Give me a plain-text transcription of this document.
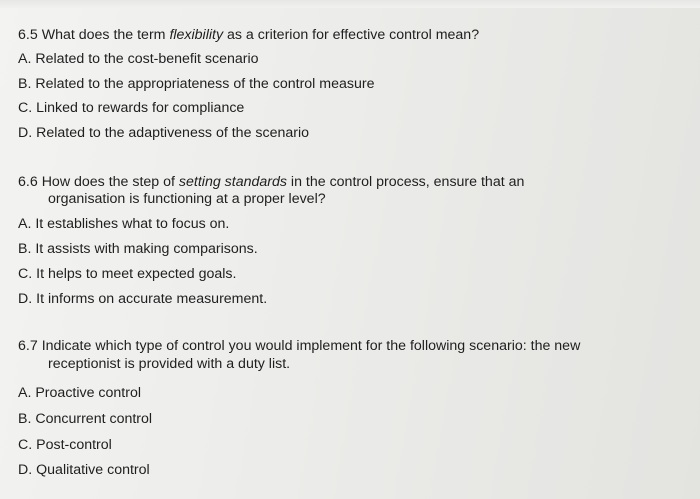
6.5 What does the term flexibility as a criterion for effective control mean?

A. Related to the cost-benefit scenario
B. Related to the appropriateness of the control measure
C. Linked to rewards for compliance
D. Related to the adaptiveness of the scenario

6.6 How does the step of setting standards in the control process, ensure that an

organisation is functioning at a proper level?
A. It establishes what to focus on.
B. It assists with making comparisons.
C. It helps to meet expected goals.
D. It informs on accurate measurement.

6.7 Indicate which type of control you would implement for the following scenario: the new

receptionist is provided with a duty list.
A. Proactive control
B. Concurrent control
C. Post-control
D. Qualitative control
